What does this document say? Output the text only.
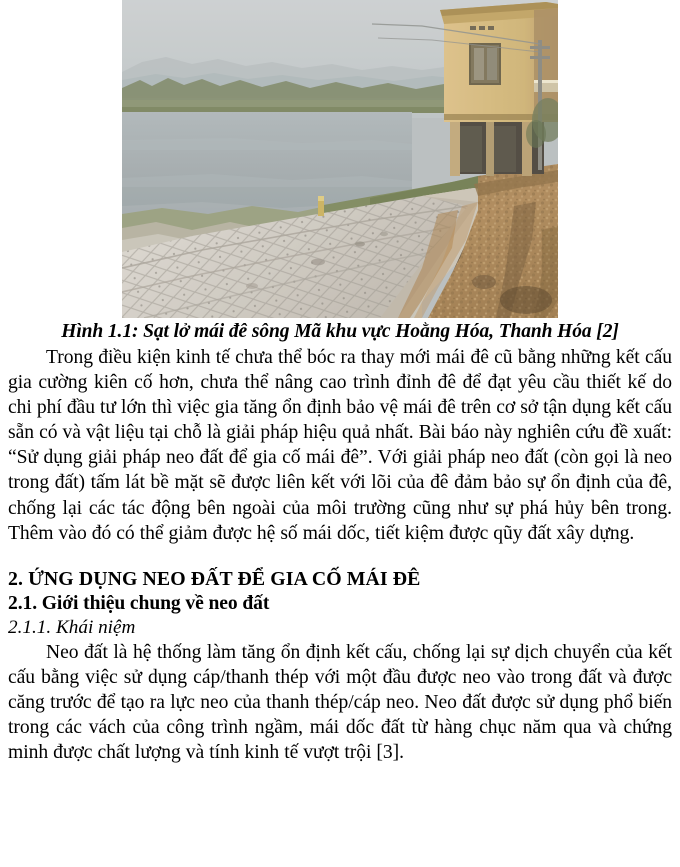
Hình 1.1: Sạt lở mái đê sông Mã khu vực Hoằng Hóa, Thanh Hóa [2]

Trong điều kiện kinh tế chưa thể bóc ra thay mới mái đê cũ bằng những kết cấu gia cường kiên cố hơn, chưa thể nâng cao trình đỉnh đê để đạt yêu cầu thiết kế do chi phí đầu tư lớn thì việc gia tăng ổn định bảo vệ mái đê trên cơ sở tận dụng kết cấu sẵn có và vật liệu tại chỗ là giải pháp hiệu quả nhất. Bài báo này nghiên cứu đề xuất: “Sử dụng giải pháp neo đất để gia cố mái đê”. Với giải pháp neo đất (còn gọi là neo trong đất) tấm lát bề mặt sẽ được liên kết với lõi của đê đảm bảo sự ổn định của đê, chống lại các tác động bên ngoài của môi trường cũng như sự phá hủy bên trong. Thêm vào đó có thể giảm được hệ số mái dốc, tiết kiệm được qũy đất xây dựng.

2. ỨNG DỤNG NEO ĐẤT ĐỂ GIA CỐ MÁI ĐÊ
2.1. Giới thiệu chung về neo đất
2.1.1. Khái niệm

Neo đất là hệ thống làm tăng ổn định kết cấu, chống lại sự dịch chuyển của kết cấu bằng việc sử dụng cáp/thanh thép với một đầu được neo vào trong đất và được căng trước để tạo ra lực neo của thanh thép/cáp neo. Neo đất được sử dụng phổ biến trong các vách của công trình ngầm, mái dốc đất từ hàng chục năm qua và chứng minh được chất lượng và tính kinh tế vượt trội [3].
